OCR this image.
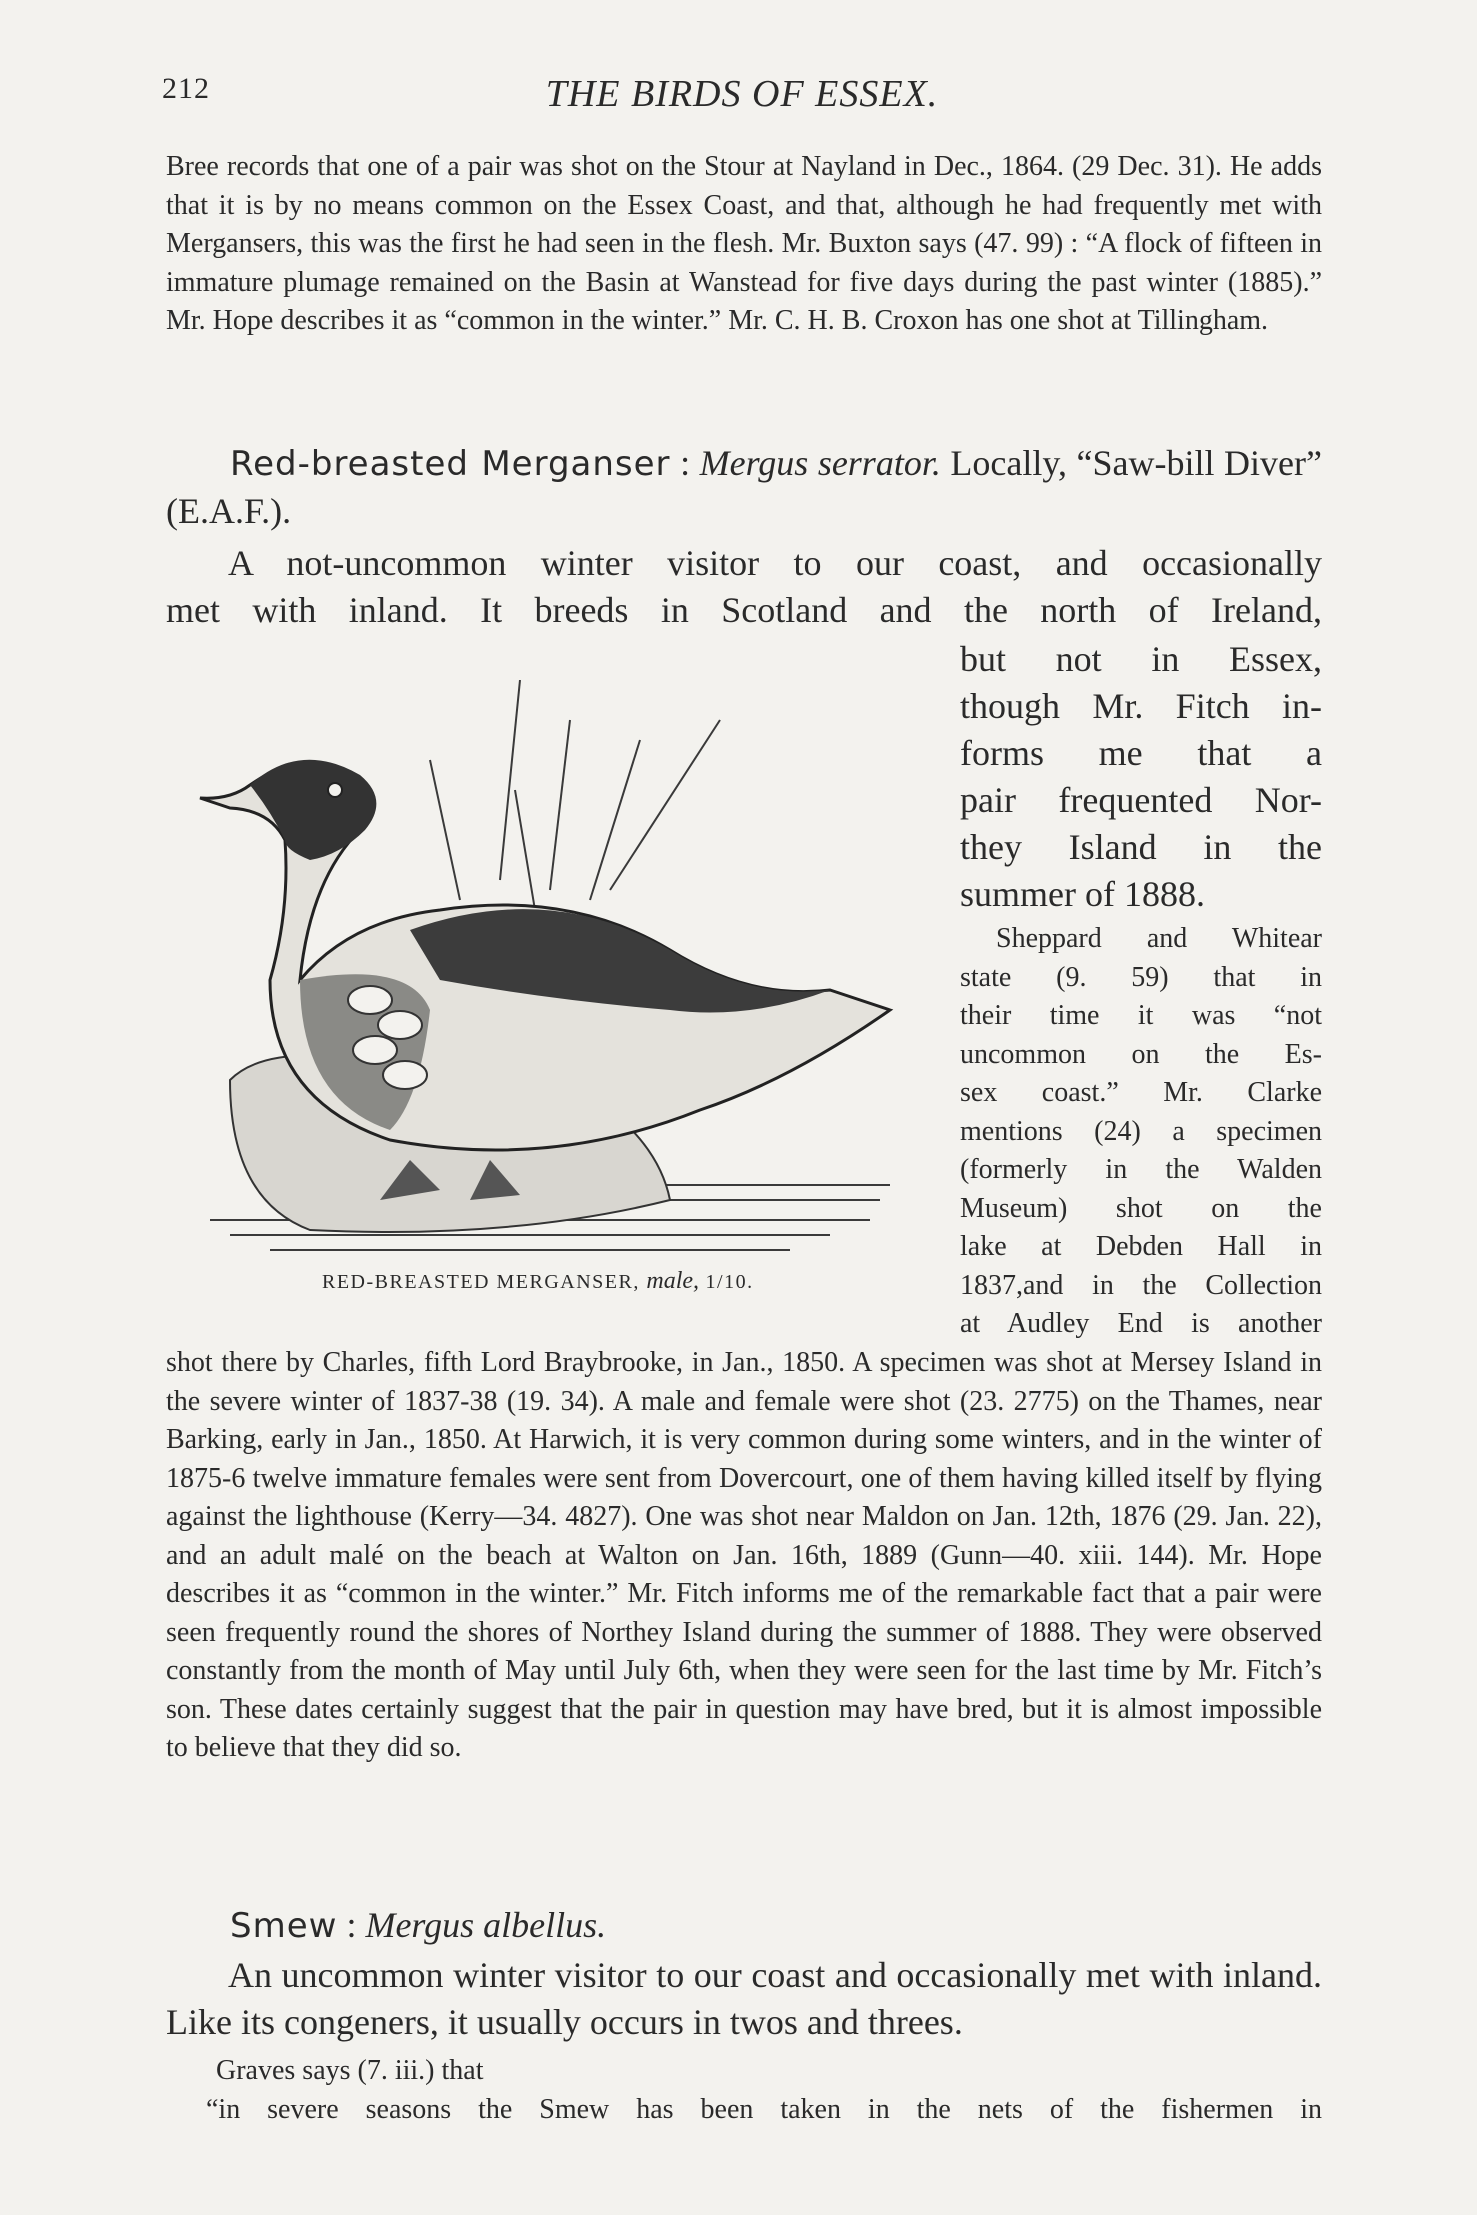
212	THE BIRDS OF ESSEX.

Bree records that one of a pair was shot on the Stour at Nayland in Dec., 1864. (29 Dec. 31). He adds that it is by no means common on the Essex Coast, and that, although he had frequently met with Mergansers, this was the first he had seen in the flesh. Mr. Buxton says (47. 99) : “A flock of fifteen in immature plumage remained on the Basin at Wanstead for five days during the past winter (1885).” Mr. Hope describes it as “common in the winter.” Mr. C. H. B. Croxon has one shot at Tillingham.

Red-breasted Merganser : Mergus serrator. Locally, “Saw-bill Diver” (E.A.F.).

A not-uncommon winter visitor to our coast, and occasionally

met with inland. It breeds in Scotland and the north of Ireland,

RED-BREASTED MERGANSER, male, 1/10.

but not in Essex,

though Mr. Fitch in-

forms me that a

pair frequented Nor-

they Island in the

summer of 1888.

Sheppard and Whitear

state (9. 59) that in

their time it was “not

uncommon on the Es-

sex coast.” Mr. Clarke

mentions (24) a specimen

(formerly in the Walden

Museum) shot on the

lake at Debden Hall in

1837,and in the Collection

at Audley End is another

shot there by Charles, fifth Lord Braybrooke, in Jan., 1850. A specimen was shot at Mersey Island in the severe winter of 1837-38 (19. 34). A male and female were shot (23. 2775) on the Thames, near Barking, early in Jan., 1850. At Harwich, it is very common during some winters, and in the winter of 1875-6 twelve immature females were sent from Dovercourt, one of them having killed itself by flying against the lighthouse (Kerry—34. 4827). One was shot near Maldon on Jan. 12th, 1876 (29. Jan. 22), and an adult malé on the beach at Walton on Jan. 16th, 1889 (Gunn—40. xiii. 144). Mr. Hope describes it as “common in the winter.” Mr. Fitch informs me of the remarkable fact that a pair were seen frequently round the shores of Northey Island during the summer of 1888. They were observed constantly from the month of May until July 6th, when they were seen for the last time by Mr. Fitch’s son. These dates certainly suggest that the pair in question may have bred, but it is almost impossible to believe that they did so.

Smew : Mergus albellus.

An uncommon winter visitor to our coast and occasionally met with inland. Like its congeners, it usually occurs in twos and threes.

Graves says (7. iii.) that

“in severe seasons the Smew has been taken in the nets of the fishermen in
